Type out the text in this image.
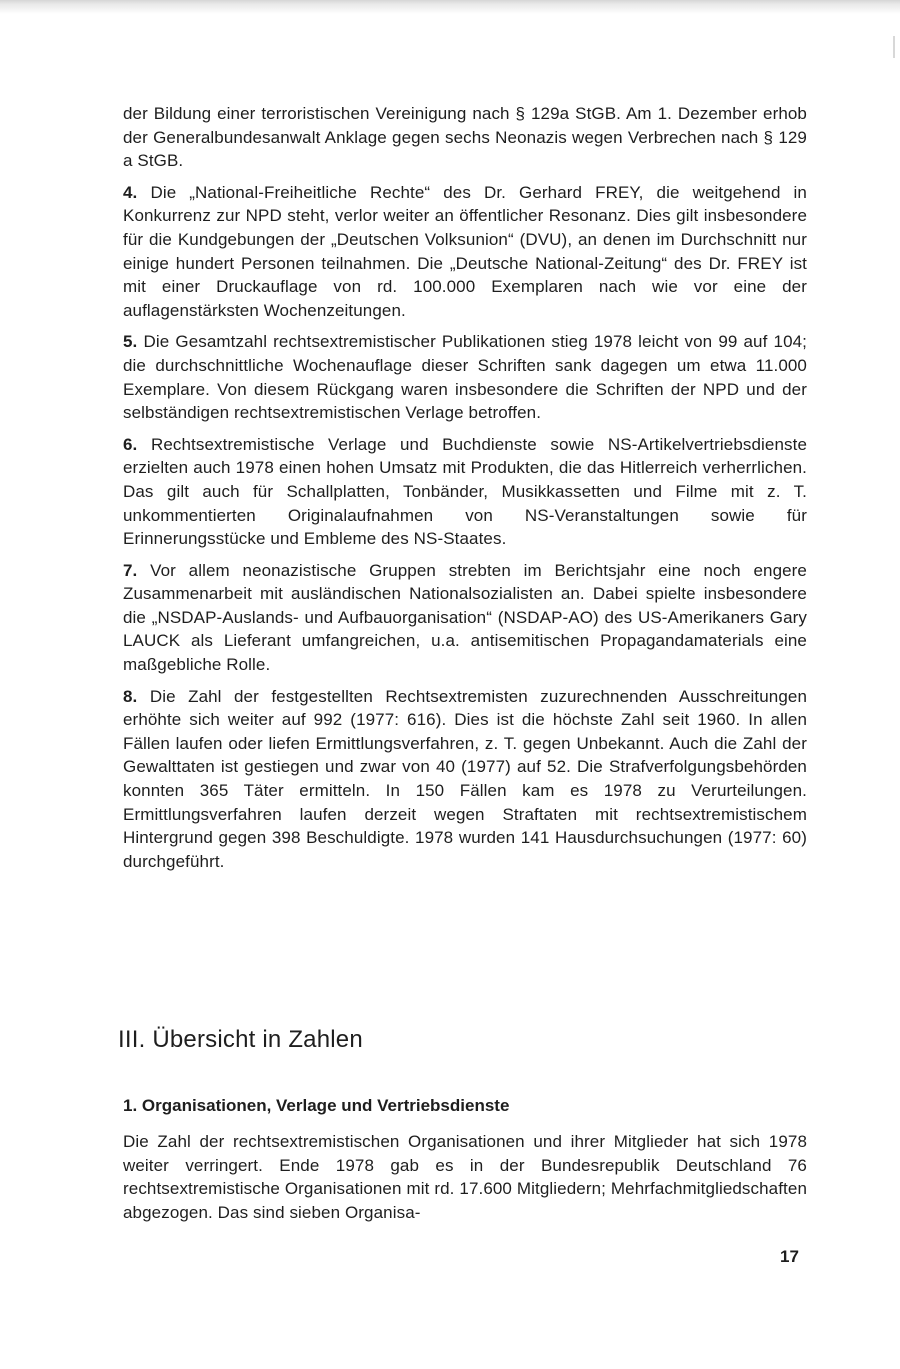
der Bildung einer terroristischen Vereinigung nach § 129a StGB. Am 1. Dezember erhob der Generalbundesanwalt Anklage gegen sechs Neonazis wegen Verbrechen nach § 129 a StGB.

4. Die „National-Freiheitliche Rechte“ des Dr. Gerhard FREY, die weitgehend in Konkurrenz zur NPD steht, verlor weiter an öffentlicher Resonanz. Dies gilt insbesondere für die Kundgebungen der „Deutschen Volksunion“ (DVU), an denen im Durchschnitt nur einige hundert Personen teilnahmen. Die „Deutsche National-Zeitung“ des Dr. FREY ist mit einer Druckauflage von rd. 100.000 Exemplaren nach wie vor eine der auflagenstärksten Wochenzeitungen.

5. Die Gesamtzahl rechtsextremistischer Publikationen stieg 1978 leicht von 99 auf 104; die durchschnittliche Wochenauflage dieser Schriften sank dagegen um etwa 11.000 Exemplare. Von diesem Rückgang waren insbesondere die Schriften der NPD und der selbständigen rechtsextremistischen Verlage betroffen.

6. Rechtsextremistische Verlage und Buchdienste sowie NS-Artikelvertriebsdienste erzielten auch 1978 einen hohen Umsatz mit Produkten, die das Hitlerreich verherrlichen. Das gilt auch für Schallplatten, Tonbänder, Musikkassetten und Filme mit z. T. unkommentierten Originalaufnahmen von NS-Veranstaltungen sowie für Erinnerungsstücke und Embleme des NS-Staates.

7. Vor allem neonazistische Gruppen strebten im Berichtsjahr eine noch engere Zusammenarbeit mit ausländischen Nationalsozialisten an. Dabei spielte insbesondere die „NSDAP-Auslands- und Aufbauorganisation“ (NSDAP-AO) des US-Amerikaners Gary LAUCK als Lieferant umfangreichen, u.a. antisemitischen Propagandamaterials eine maßgebliche Rolle.

8. Die Zahl der festgestellten Rechtsextremisten zuzurechnenden Ausschreitungen erhöhte sich weiter auf 992 (1977: 616). Dies ist die höchste Zahl seit 1960. In allen Fällen laufen oder liefen Ermittlungsverfahren, z. T. gegen Unbekannt. Auch die Zahl der Gewalttaten ist gestiegen und zwar von 40 (1977) auf 52. Die Strafverfolgungsbehörden konnten 365 Täter ermitteln. In 150 Fällen kam es 1978 zu Verurteilungen. Ermittlungsverfahren laufen derzeit wegen Straftaten mit rechtsextremistischem Hintergrund gegen 398 Beschuldigte. 1978 wurden 141 Hausdurchsuchungen (1977: 60) durchgeführt.

III. Übersicht in Zahlen
1. Organisationen, Verlage und Vertriebsdienste

Die Zahl der rechtsextremistischen Organisationen und ihrer Mitglieder hat sich 1978 weiter verringert. Ende 1978 gab es in der Bundesrepublik Deutschland 76 rechtsextremistische Organisationen mit rd. 17.600 Mitgliedern; Mehrfachmitgliedschaften abgezogen. Das sind sieben Organisa-

17
